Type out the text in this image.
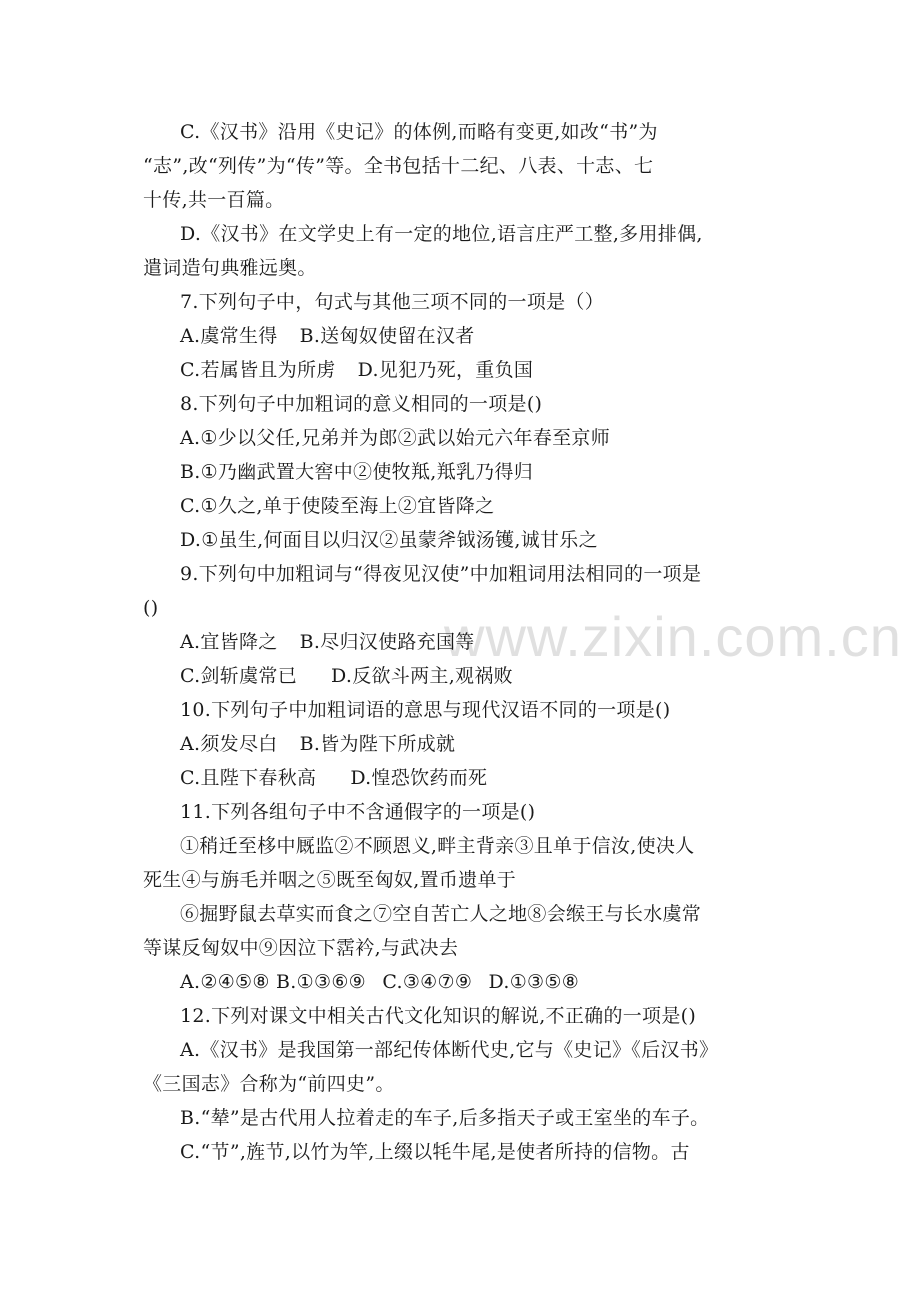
www.zixin.com.cn
C.《汉书》沿用《史记》的体例,而略有变更,如改“书”为
“志”,改“列传”为“传”等。全书包括十二纪、八表、十志、七
十传,共一百篇。
D.《汉书》在文学史上有一定的地位,语言庄严工整,多用排偶,
遣词造句典雅远奥。
7.下列句子中，句式与其他三项不同的一项是（）
A.虞常生得 B.送匈奴使留在汉者
C.若属皆且为所虏 D.见犯乃死，重负国
8.下列句子中加粗词的意义相同的一项是()
A.①少以父任,兄弟并为郎②武以始元六年春至京师
B.①乃幽武置大窖中②使牧羝,羝乳乃得归
C.①久之,单于使陵至海上②宜皆降之
D.①虽生,何面目以归汉②虽蒙斧钺汤镬,诚甘乐之
9.下列句中加粗词与“得夜见汉使”中加粗词用法相同的一项是
()
A.宜皆降之 B.尽归汉使路充国等
C.剑斩虞常已 D.反欲斗两主,观祸败
10.下列句子中加粗词语的意思与现代汉语不同的一项是()
A.须发尽白 B.皆为陛下所成就
C.且陛下春秋高 D.惶恐饮药而死
11.下列各组句子中不含通假字的一项是()
①稍迁至栘中厩监②不顾恩义,畔主背亲③且单于信汝,使决人
死生④与旃毛并咽之⑤既至匈奴,置币遗单于
⑥掘野鼠去草实而食之⑦空自苦亡人之地⑧会缑王与长水虞常
等谋反匈奴中⑨因泣下霑衿,与武决去
A.②④⑤⑧ B.①③⑥⑨ C.③④⑦⑨ D.①③⑤⑧
12.下列对课文中相关古代文化知识的解说,不正确的一项是()
A.《汉书》是我国第一部纪传体断代史,它与《史记》《后汉书》
《三国志》合称为“前四史”。
B.“辇”是古代用人拉着走的车子,后多指天子或王室坐的车子。
C.“节”,旌节,以竹为竿,上缀以牦牛尾,是使者所持的信物。古
